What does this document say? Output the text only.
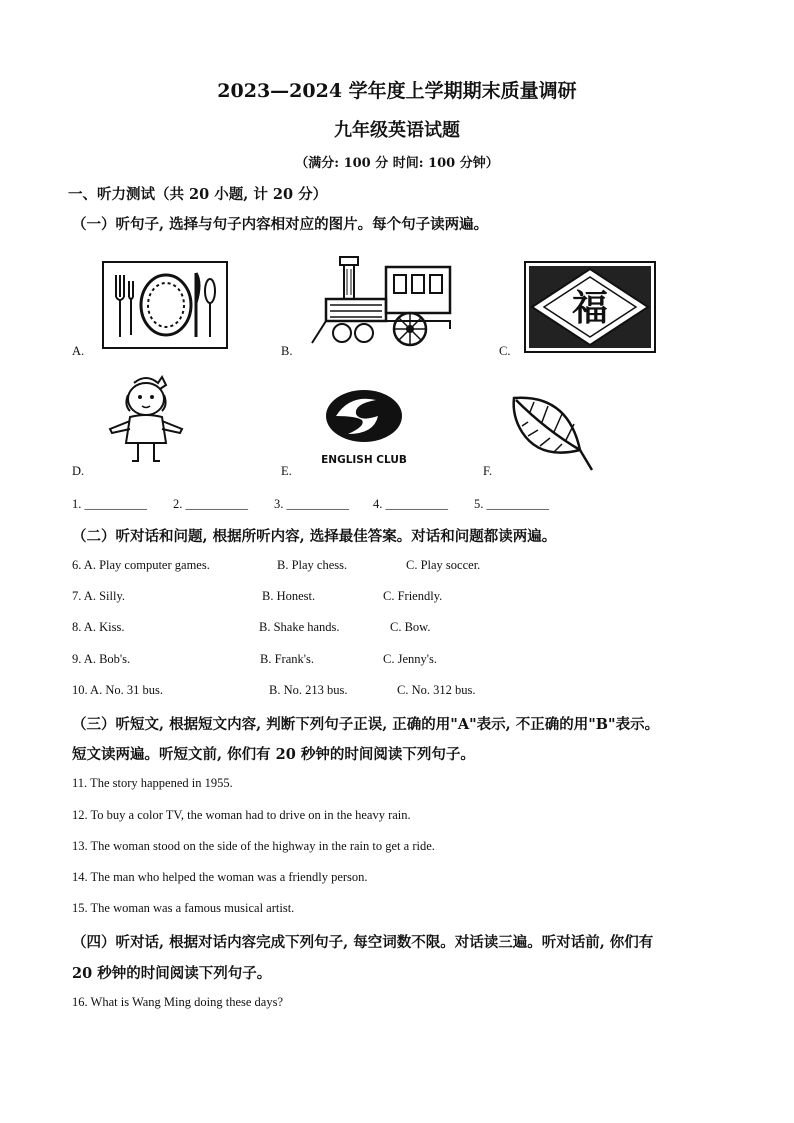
2023—2024 学年度上学期期末质量调研
九年级英语试题
（满分: 100 分 时间: 100 分钟）
一、听力测试（共 20 小题, 计 20 分）
（一）听句子, 选择与句子内容相对应的图片。每个句子读两遍。
A.	B.
福
C.
D.
ENGLISH CLUB
E.	F.
1. __________ 2. __________ 3. __________ 4. __________ 5. __________
（二）听对话和问题, 根据所听内容, 选择最佳答案。对话和问题都读两遍。
6. A. Play computer games.	B. Play chess.	C. Play soccer.
7. A. Silly.	B. Honest.	C. Friendly.
8. A. Kiss.	B. Shake hands.	C. Bow.
9. A. Bob's.	B. Frank's.	C. Jenny's.
10. A. No. 31 bus.	B. No. 213 bus.	C. No. 312 bus.
（三）听短文, 根据短文内容, 判断下列句子正误, 正确的用"A"表示, 不正确的用"B"表示。
短文读两遍。听短文前, 你们有 20 秒钟的时间阅读下列句子。
11. The story happened in 1955.
12. To buy a color TV, the woman had to drive on in the heavy rain.
13. The woman stood on the side of the highway in the rain to get a ride.
14. The man who helped the woman was a friendly person.
15. The woman was a famous musical artist.
（四）听对话, 根据对话内容完成下列句子, 每空词数不限。对话读三遍。听对话前, 你们有
20 秒钟的时间阅读下列句子。
16. What is Wang Ming doing these days?
